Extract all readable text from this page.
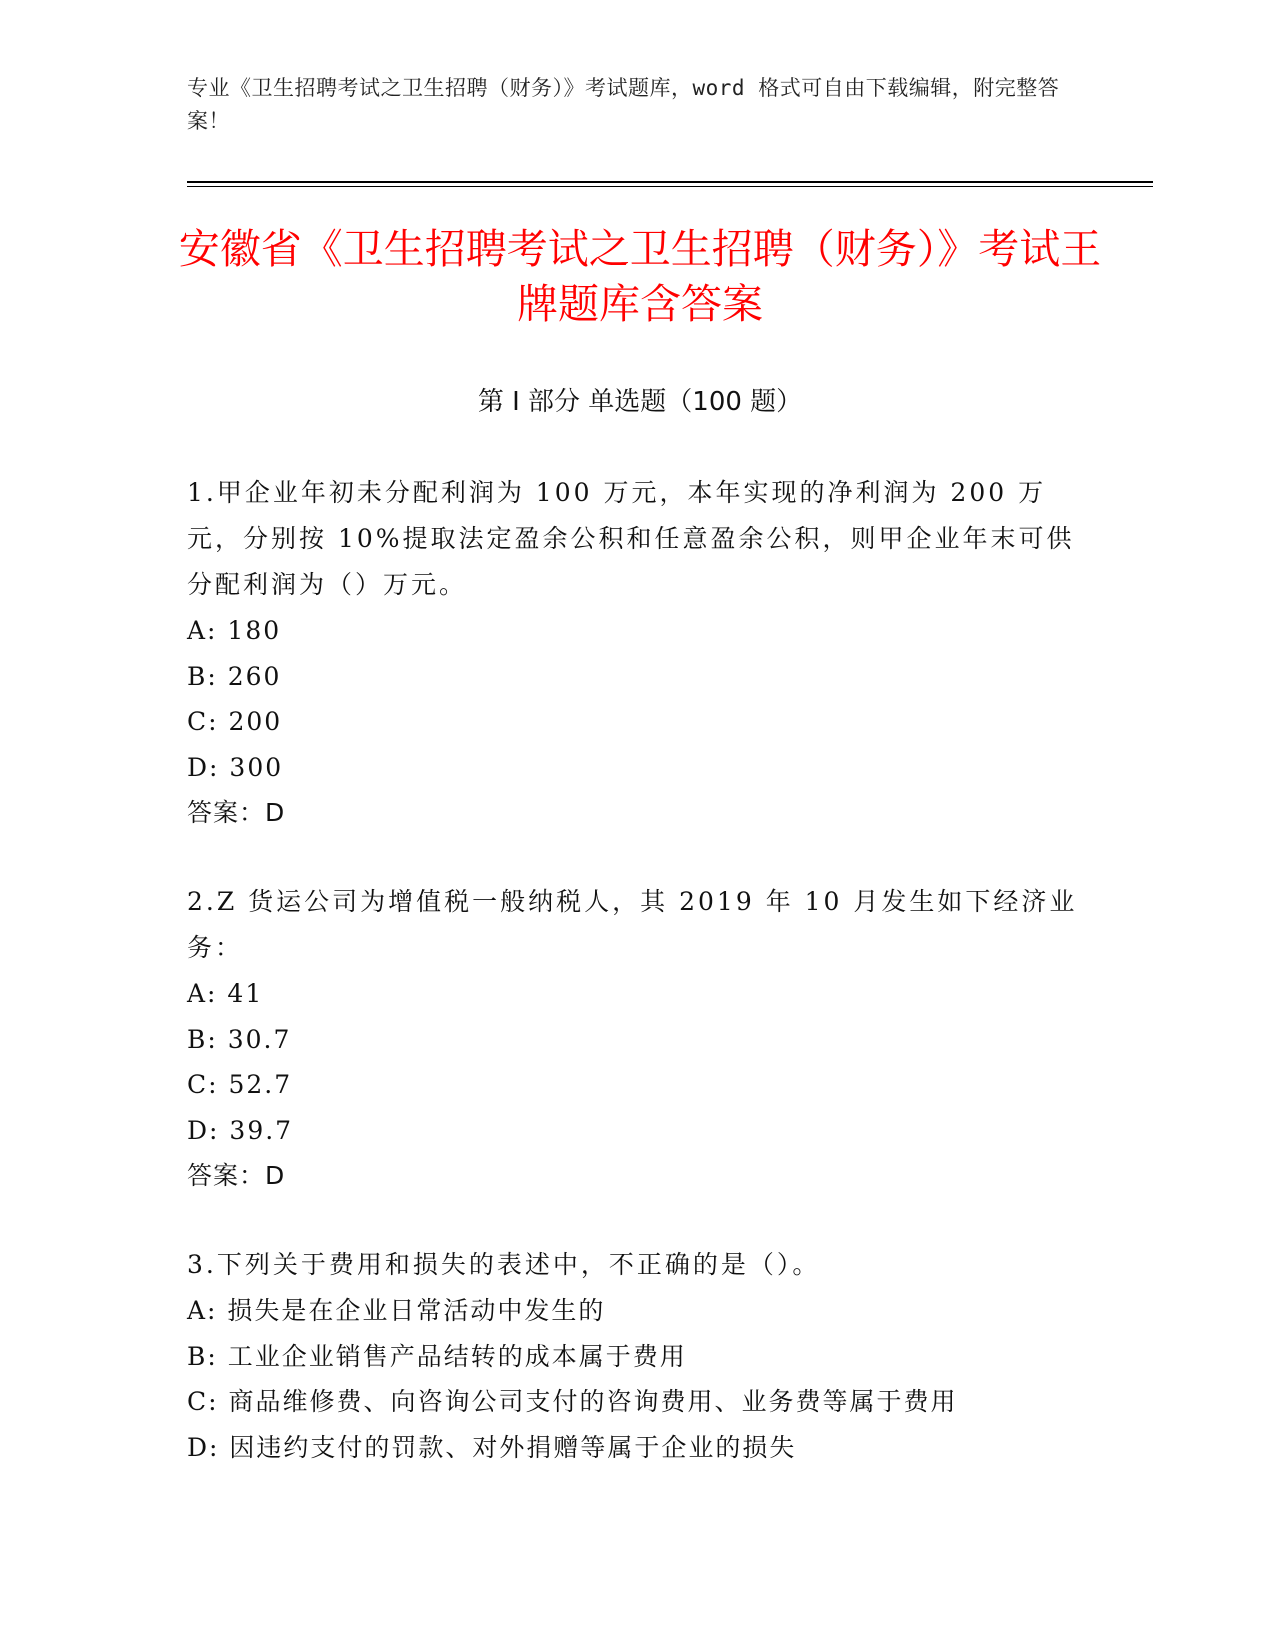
专业《卫生招聘考试之卫生招聘（财务）》考试题库，word 格式可自由下载编辑，附完整答案！
安徽省《卫生招聘考试之卫生招聘（财务）》考试王牌题库含答案
第 I 部分 单选题（100 题）

1.甲企业年初未分配利润为 100 万元，本年实现的净利润为 200 万元，分别按 10%提取法定盈余公积和任意盈余公积，则甲企业年末可供分配利润为（）万元。

A: 180

B: 260

C: 200

D: 300

答案：D

2.Z 货运公司为增值税一般纳税人，其 2019 年 10 月发生如下经济业务：

A: 41

B: 30.7

C: 52.7

D: 39.7

答案：D

3.下列关于费用和损失的表述中，不正确的是（）。

A: 损失是在企业日常活动中发生的

B: 工业企业销售产品结转的成本属于费用

C: 商品维修费、向咨询公司支付的咨询费用、业务费等属于费用

D: 因违约支付的罚款、对外捐赠等属于企业的损失
